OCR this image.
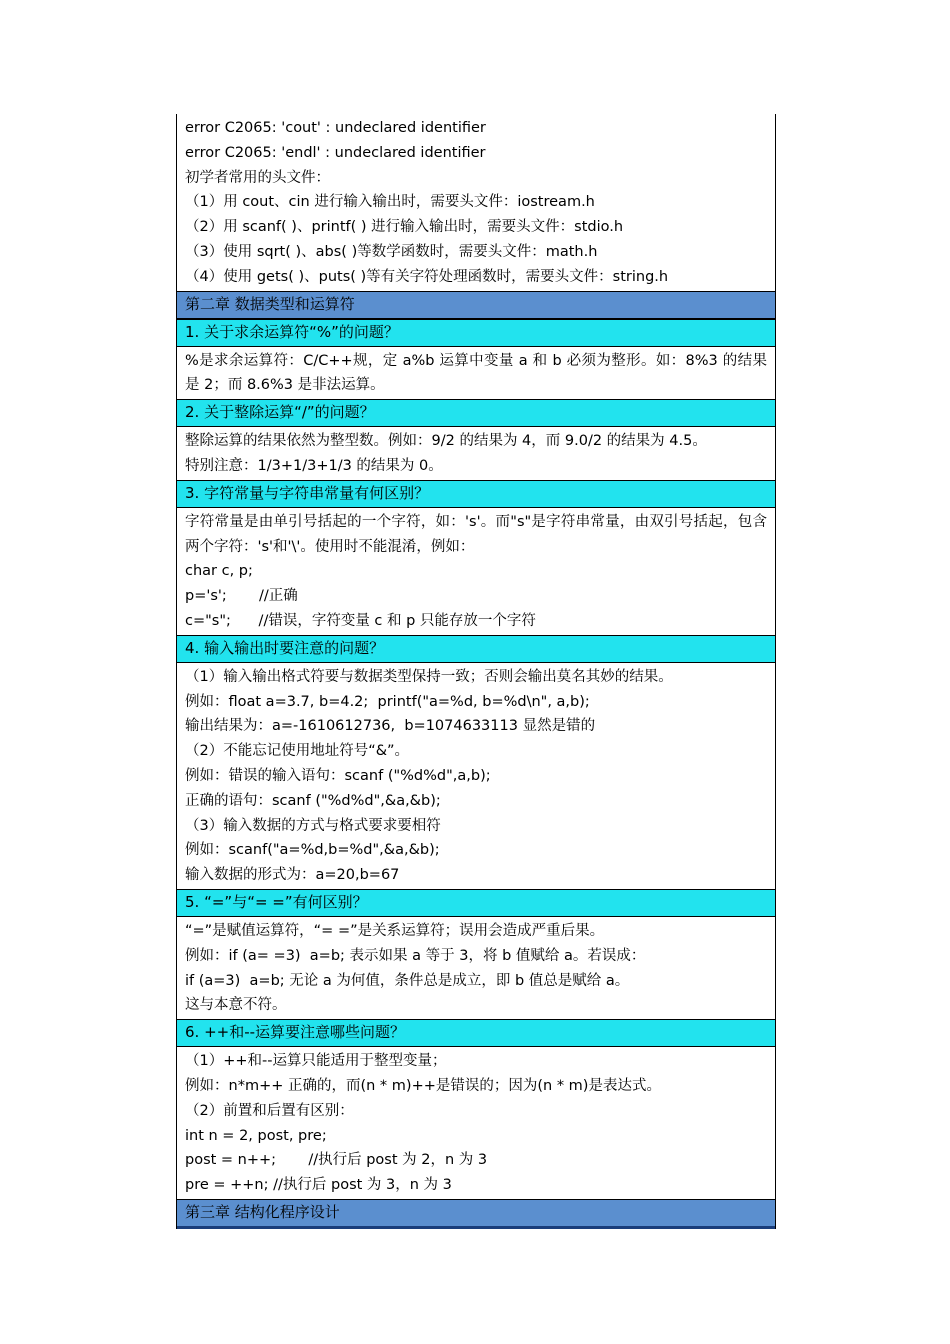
error C2065: 'cout' : undeclared identifier
error C2065: 'endl' : undeclared identifier
初学者常用的头文件：
（1）用 cout、cin 进行输入输出时，需要头文件：iostream.h
（2）用 scanf( )、printf( ) 进行输入输出时，需要头文件：stdio.h
（3）使用 sqrt( )、abs( )等数学函数时，需要头文件：math.h
（4）使用 gets( )、puts( )等有关字符处理函数时，需要头文件：string.h
第二章 数据类型和运算符
1. 关于求余运算符“%”的问题？
%是求余运算符：C/C++规，定 a%b 运算中变量 a 和 b 必须为整形。如：8%3 的结果是 2；而 8.6%3 是非法运算。
2. 关于整除运算“/”的问题？
整除运算的结果依然为整型数。例如：9/2 的结果为 4，而 9.0/2 的结果为 4.5。
特别注意：1/3+1/3+1/3 的结果为 0。
3. 字符常量与字符串常量有何区别？
字符常量是由单引号括起的一个字符，如：'s'。而"s"是字符串常量，由双引号括起，包含两个字符：'s'和'\'。使用时不能混淆，例如：
char c, p;
p='s';       //正确
c="s";      //错误，字符变量 c 和 p 只能存放一个字符
4. 输入输出时要注意的问题？
（1）输入输出格式符要与数据类型保持一致；否则会输出莫名其妙的结果。
例如：float a=3.7, b=4.2;  printf("a=%d, b=%d\n", a,b);
输出结果为：a=-1610612736,  b=1074633113 显然是错的
（2）不能忘记使用地址符号“&”。
例如：错误的输入语句：scanf ("%d%d",a,b);
正确的语句：scanf ("%d%d",&a,&b);
（3）输入数据的方式与格式要求要相符
例如：scanf("a=%d,b=%d",&a,&b);
输入数据的形式为：a=20,b=67
5. “=”与“= =”有何区别？
“=”是赋值运算符，“= =”是关系运算符；误用会造成严重后果。
例如：if (a= =3)  a=b; 表示如果 a 等于 3，将 b 值赋给 a。若误成：
if (a=3)  a=b; 无论 a 为何值，条件总是成立，即 b 值总是赋给 a。
这与本意不符。
6. ++和--运算要注意哪些问题？
（1）++和--运算只能适用于整型变量；
例如：n*m++ 正确的，而(n * m)++是错误的；因为(n * m)是表达式。
（2）前置和后置有区别：
int n = 2, post, pre;
post = n++;       //执行后 post 为 2，n 为 3
pre = ++n; //执行后 post 为 3，n 为 3
第三章 结构化程序设计
